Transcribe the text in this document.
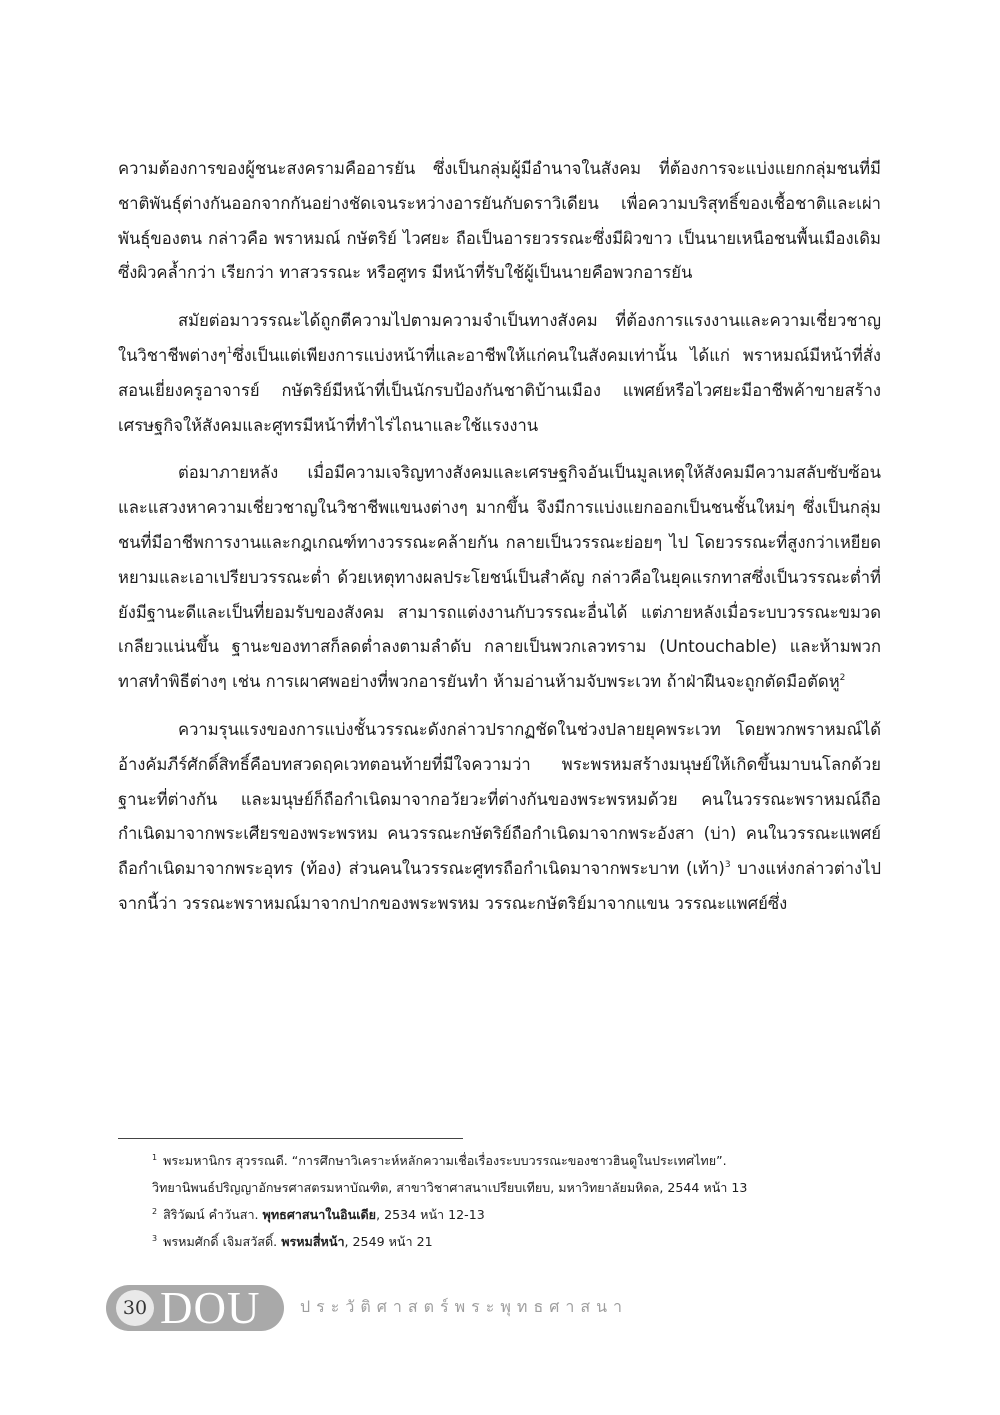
ความต้องการของผู้ชนะสงครามคืออารยัน ซึ่งเป็นกลุ่มผู้มีอำนาจในสังคม ที่ต้องการจะแบ่งแยกกลุ่มชนที่มีชาติพันธุ์ต่างกันออกจากกันอย่างชัดเจนระหว่างอารยันกับดราวิเดียน เพื่อความบริสุทธิ์ของเชื้อชาติและเผ่าพันธุ์ของตน กล่าวคือ พราหมณ์ กษัตริย์ ไวศยะ ถือเป็นอารยวรรณะซึ่งมีผิวขาว เป็นนายเหนือชนพื้นเมืองเดิมซึ่งผิวคล้ำกว่า เรียกว่า ทาสวรรณะ หรือศูทร มีหน้าที่รับใช้ผู้เป็นนายคือพวกอารยัน

สมัยต่อมาวรรณะได้ถูกตีความไปตามความจำเป็นทางสังคม ที่ต้องการแรงงานและความเชี่ยวชาญในวิชาชีพต่างๆ$^1$ซึ่งเป็นแต่เพียงการแบ่งหน้าที่และอาชีพให้แก่คนในสังคมเท่านั้น ได้แก่ พราหมณ์มีหน้าที่สั่งสอนเยี่ยงครูอาจารย์ กษัตริย์มีหน้าที่เป็นนักรบป้องกันชาติบ้านเมือง แพศย์หรือไวศยะมีอาชีพค้าขายสร้างเศรษฐกิจให้สังคมและศูทรมีหน้าที่ทำไร่ไถนาและใช้แรงงาน

ต่อมาภายหลัง เมื่อมีความเจริญทางสังคมและเศรษฐกิจอันเป็นมูลเหตุให้สังคมมีความสลับซับซ้อน และแสวงหาความเชี่ยวชาญในวิชาชีพแขนงต่างๆ มากขึ้น จึงมีการแบ่งแยกออกเป็นชนชั้นใหม่ๆ ซึ่งเป็นกลุ่มชนที่มีอาชีพการงานและกฎเกณฑ์ทางวรรณะคล้ายกัน กลายเป็นวรรณะย่อยๆ ไป โดยวรรณะที่สูงกว่าเหยียดหยามและเอาเปรียบวรรณะต่ำ ด้วยเหตุทางผลประโยชน์เป็นสำคัญ กล่าวคือในยุคแรกทาสซึ่งเป็นวรรณะต่ำที่ยังมีฐานะดีและเป็นที่ยอมรับของสังคม สามารถแต่งงานกับวรรณะอื่นได้ แต่ภายหลังเมื่อระบบวรรณะขมวดเกลียวแน่นขึ้น ฐานะของทาสก็ลดต่ำลงตามลำดับ กลายเป็นพวกเลวทราม (Untouchable) และห้ามพวกทาสทำพิธีต่างๆ เช่น การเผาศพอย่างที่พวกอารยันทำ ห้ามอ่านห้ามจับพระเวท ถ้าฝ่าฝืนจะถูกตัดมือตัดหู$^2$

ความรุนแรงของการแบ่งชั้นวรรณะดังกล่าวปรากฏชัดในช่วงปลายยุคพระเวท โดยพวกพราหมณ์ได้อ้างคัมภีร์ศักดิ์สิทธิ์คือบทสวดฤคเวทตอนท้ายที่มีใจความว่า พระพรหมสร้างมนุษย์ให้เกิดขึ้นมาบนโลกด้วยฐานะที่ต่างกัน และมนุษย์ก็ถือกำเนิดมาจากอวัยวะที่ต่างกันของพระพรหมด้วย คนในวรรณะพราหมณ์ถือกำเนิดมาจากพระเศียรของพระพรหม คนวรรณะกษัตริย์ถือกำเนิดมาจากพระอังสา (บ่า) คนในวรรณะแพศย์ถือกำเนิดมาจากพระอุทร (ท้อง) ส่วนคนในวรรณะศูทรถือกำเนิดมาจากพระบาท (เท้า)$^3$ บางแห่งกล่าวต่างไปจากนี้ว่า วรรณะพราหมณ์มาจากปากของพระพรหม วรรณะกษัตริย์มาจากแขน วรรณะแพศย์ซึ่ง

$^1$ พระมหานิกร สุวรรณดี. “การศึกษาวิเคราะห์หลักความเชื่อเรื่องระบบวรรณะของชาวฮินดูในประเทศไทย”.

วิทยานิพนธ์ปริญญาอักษรศาสตรมหาบัณฑิต, สาขาวิชาศาสนาเปรียบเทียบ, มหาวิทยาลัยมหิดล, 2544 หน้า 13

$^2$ สิริวัฒน์ คำวันสา. พุทธศาสนาในอินเดีย, 2534 หน้า 12-13

$^3$ พรหมศักดิ์ เจิมสวัสดิ์. พรหมสี่หน้า, 2549 หน้า 21

30 DOU ประวัติศาสตร์พระพุทธศาสนา
